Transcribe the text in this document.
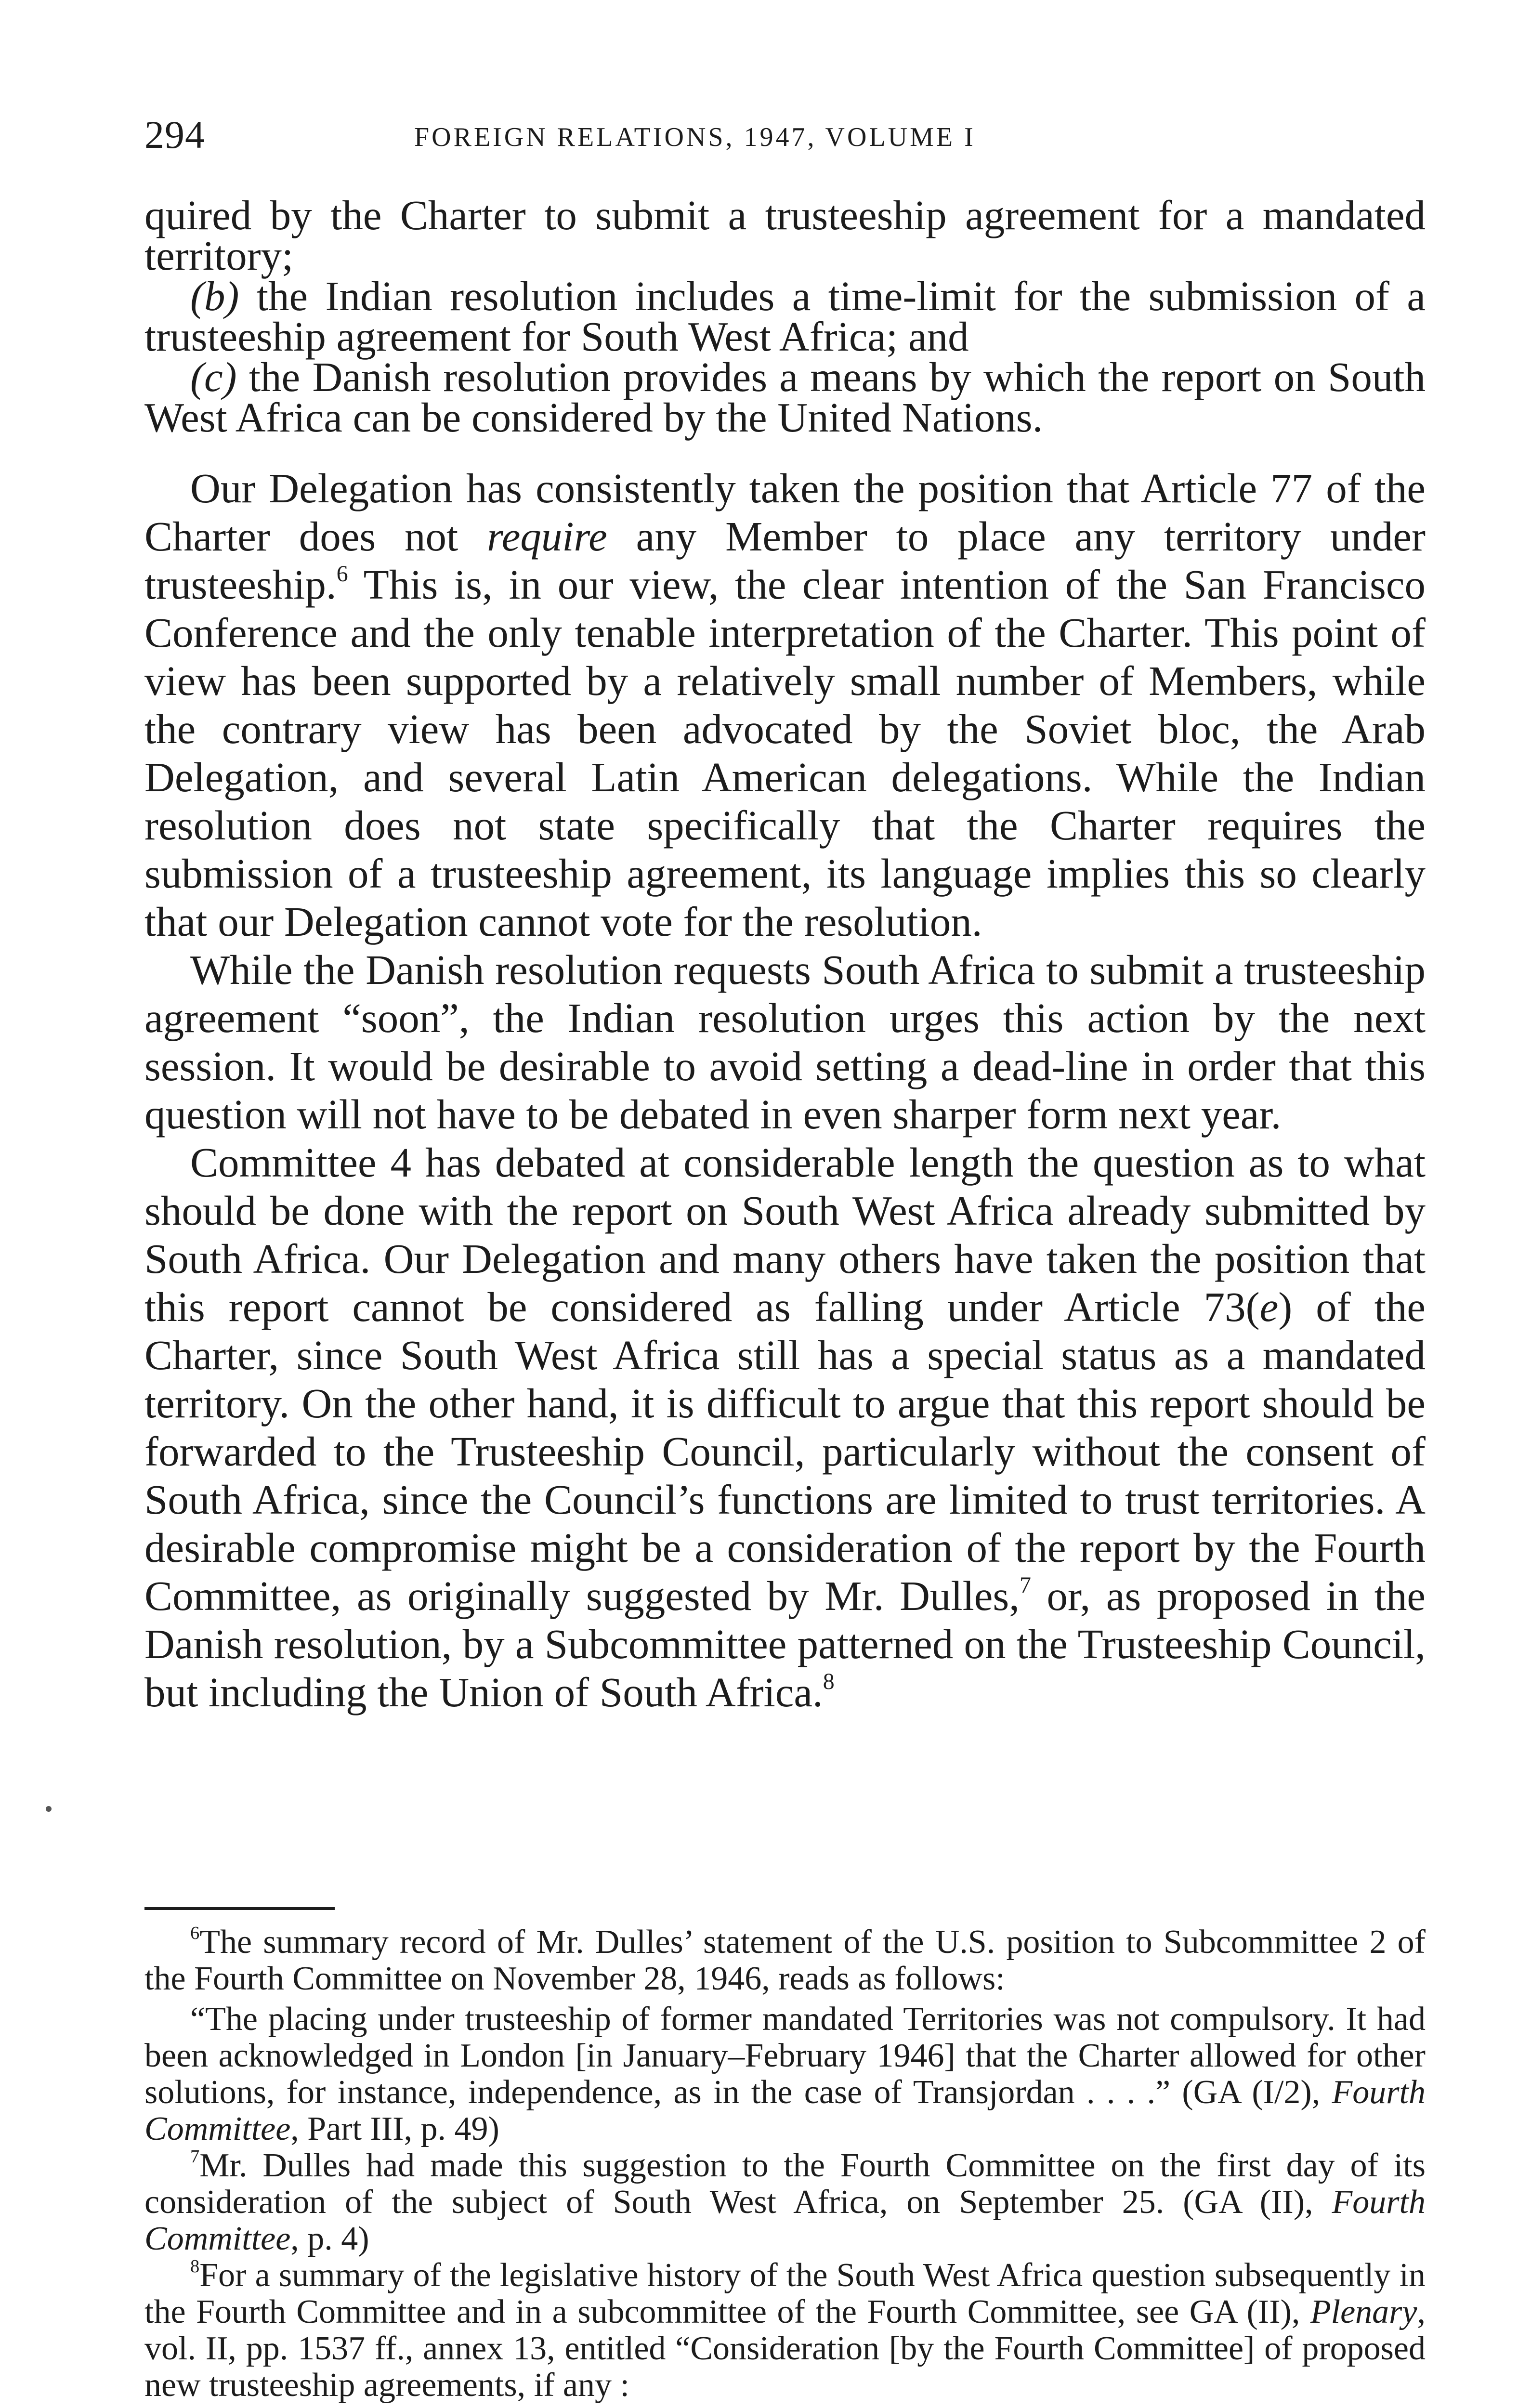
294	FOREIGN RELATIONS, 1947, VOLUME I

quired by the Charter to submit a trusteeship agreement for a mandated territory;

(b) the Indian resolution includes a time-limit for the submission of a trusteeship agreement for South West Africa; and

(c) the Danish resolution provides a means by which the report on South West Africa can be considered by the United Nations.

Our Delegation has consistently taken the position that Article 77 of the Charter does not require any Member to place any territory under trusteeship.$^6$ This is, in our view, the clear intention of the San Francisco Conference and the only tenable interpretation of the Charter. This point of view has been supported by a relatively small number of Members, while the contrary view has been advocated by the Soviet bloc, the Arab Delegation, and several Latin American delegations. While the Indian resolution does not state specifically that the Charter requires the submission of a trusteeship agreement, its language implies this so clearly that our Delegation cannot vote for the resolution.

While the Danish resolution requests South Africa to submit a trusteeship agreement “soon”, the Indian resolution urges this action by the next session. It would be desirable to avoid setting a dead-line in order that this question will not have to be debated in even sharper form next year.

Committee 4 has debated at considerable length the question as to what should be done with the report on South West Africa already submitted by South Africa. Our Delegation and many others have taken the position that this report cannot be considered as falling under Article 73(e) of the Charter, since South West Africa still has a special status as a mandated territory. On the other hand, it is difficult to argue that this report should be forwarded to the Trusteeship Council, particularly without the consent of South Africa, since the Council’s functions are limited to trust territories. A desirable compromise might be a consideration of the report by the Fourth Committee, as originally suggested by Mr. Dulles,$^7$ or, as proposed in the Danish resolution, by a Subcommittee patterned on the Trusteeship Council, but including the Union of South Africa.$^8$

$^6$The summary record of Mr. Dulles’ statement of the U.S. position to Subcommittee 2 of the Fourth Committee on November 28, 1946, reads as follows:

“The placing under trusteeship of former mandated Territories was not compulsory. It had been acknowledged in London [in January–February 1946] that the Charter allowed for other solutions, for instance, independence, as in the case of Transjordan . . . .” (GA (I/2), Fourth Committee, Part III, p. 49)

$^7$Mr. Dulles had made this suggestion to the Fourth Committee on the first day of its consideration of the subject of South West Africa, on September 25. (GA (II), Fourth Committee, p. 4)

$^8$For a summary of the legislative history of the South West Africa question subsequently in the Fourth Committee and in a subcommittee of the Fourth Committee, see GA (II), Plenary, vol. II, pp. 1537 ff., annex 13, entitled “Consideration [by the Fourth Committee] of proposed new trusteeship agreements, if any :
